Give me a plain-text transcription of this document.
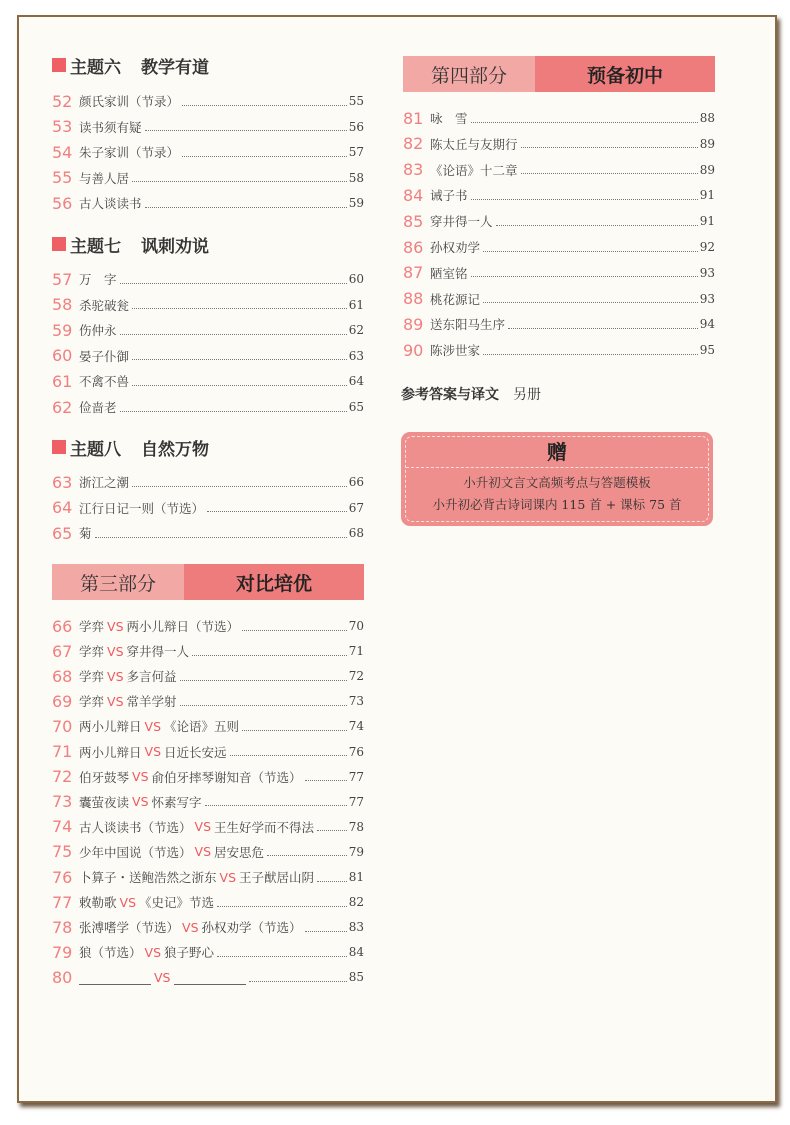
主题六 教学有道
52 颜氏家训（节录）	55
53 读书须有疑	56
54 朱子家训（节录）	57
55 与善人居	58
56 古人谈读书	59
主题七 讽刺劝说
57 万　字	60
58 杀驼破瓮	61
59 伤仲永	62
60 晏子仆御	63
61 不禽不兽	64
62 俭啬老	65
主题八 自然万物
63 浙江之潮	66
64 江行日记一则（节选）	67
65 菊	68
第三部分	对比培优
66 学弈 VS 两小儿辩日（节选）	70
67 学弈 VS 穿井得一人	71
68 学弈 VS 多言何益	72
69 学弈 VS 常羊学射	73
70 两小儿辩日 VS 《论语》五则	74
71 两小儿辩日 VS 日近长安远	76
72 伯牙鼓琴 VS 俞伯牙摔琴谢知音（节选）	77
73 囊萤夜读 VS 怀素写字	77
74 古人谈读书（节选） VS 王生好学而不得法	78
75 少年中国说（节选） VS 居安思危	79
76 卜算子・送鲍浩然之浙东 VS 王子猷居山阴	81
77 敕勒歌 VS 《史记》节选	82
78 张溥嗜学（节选） VS 孙权劝学（节选）	83
79 狼（节选） VS 狼子野心	84
80	VS	85
第四部分	预备初中
81 咏　雪	88
82 陈太丘与友期行	89
83 《论语》十二章	89
84 诫子书	91
85 穿井得一人	91
86 孙权劝学	92
87 陋室铭	93
88 桃花源记	93
89 送东阳马生序	94
90 陈涉世家	95
参考答案与译文 另册
赠
小升初文言文高频考点与答题模板
小升初必背古诗词课内 115 首 + 课标 75 首
